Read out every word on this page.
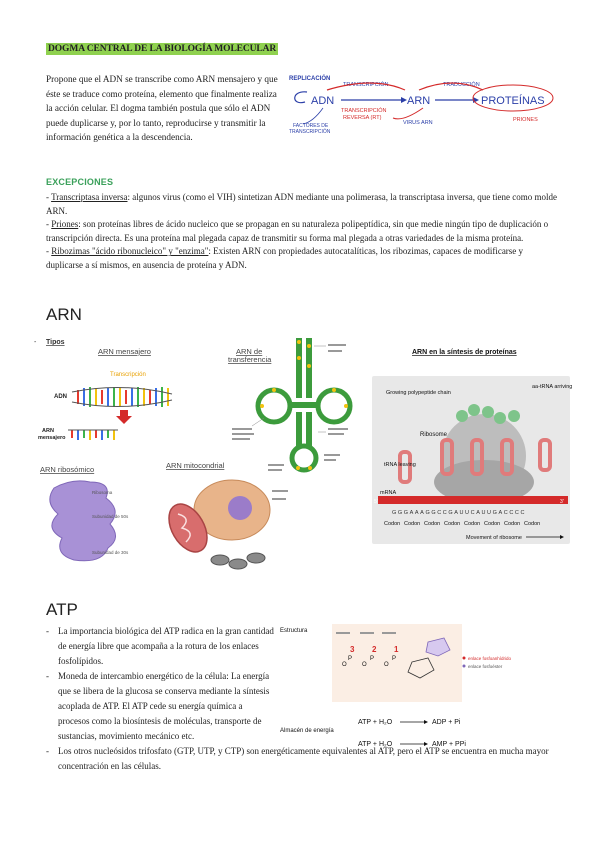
DOGMA CENTRAL DE LA BIOLOGÍA MOLECULAR
Propone que el ADN se transcribe como ARN mensajero y que éste se traduce como proteína, elemento que finalmente realiza la acción celular. El dogma también postula que sólo el ADN puede duplicarse y, por lo tanto, reproducirse y transmitir la información genética a la descendencia.
REPLICACIÓN
TRANSCRIPCIÓN	TRADUCCIÓN
ADN	ARN	PROTEÍNAS
TRANSCRIPCIÓN
REVERSA (RT)
FACTORES DE
TRANSCRIPCIÓN
VIRUS ARN	PRIONES
EXCEPCIONES

- Transcriptasa inversa: algunos virus (como el VIH) sintetizan ADN mediante una polimerasa, la transcriptasa inversa, que tiene como molde ARN.

- Priones: son proteínas libres de ácido nucleico que se propagan en su naturaleza polipeptídica, sin que medie ningún tipo de duplicación o transcripción directa. Es una proteína mal plegada capaz de transmitir su forma mal plegada a otras variedades de la misma proteína.

- Ribozimas "ácido ribonucleico" y "enzima": Existen ARN con propiedades autocatalíticas, los ribozimas, capaces de modificarse y duplicarse a sí mismos, en ausencia de proteína y ADN.

ARN
- Tipos
ARN mensajero
Transcripción
ADN
ARN
mensajero
ARN de
transferencia
ARN en la síntesis de proteínas
Growing polypeptide chain
aa-tRNA arriving
Ribosome
tRNA leaving
mRNA
5'	3'
GGGAAAGGCCGAUUCAUUGACCCC
Codon Codon Codon Codon Codon Codon Codon Codon
Movement of ribosome
ARN ribosómico
Ribosoma
Subunidad de 50s
Subunidad de 30s
ARN mitocondrial
ATP
- La importancia biológica del ATP radica en la gran cantidad de energía libre que acompaña a la rotura de los enlaces fosfolípidos.
- Moneda de intercambio energético de la célula: La energía que se libera de la glucosa se conserva mediante la síntesis acoplada de ATP. El ATP cede su energía química a procesos como la biosíntesis de moléculas, transporte de sustancias, movimiento mecánico etc.
- Los otros nucleósidos trifosfato (GTP, UTP, y CTP) son energéticamente equivalentes al ATP, pero el ATP se encuentra en mucha mayor concentración en las células.
Estructura
O	O	O
P	P	P
3 2 1
enlace fosfoanhídrido
enlace fosfoéster
Almacén de energía
ATP + H₂O	ADP + Pi
ATP + H₂O	AMP + PPi
